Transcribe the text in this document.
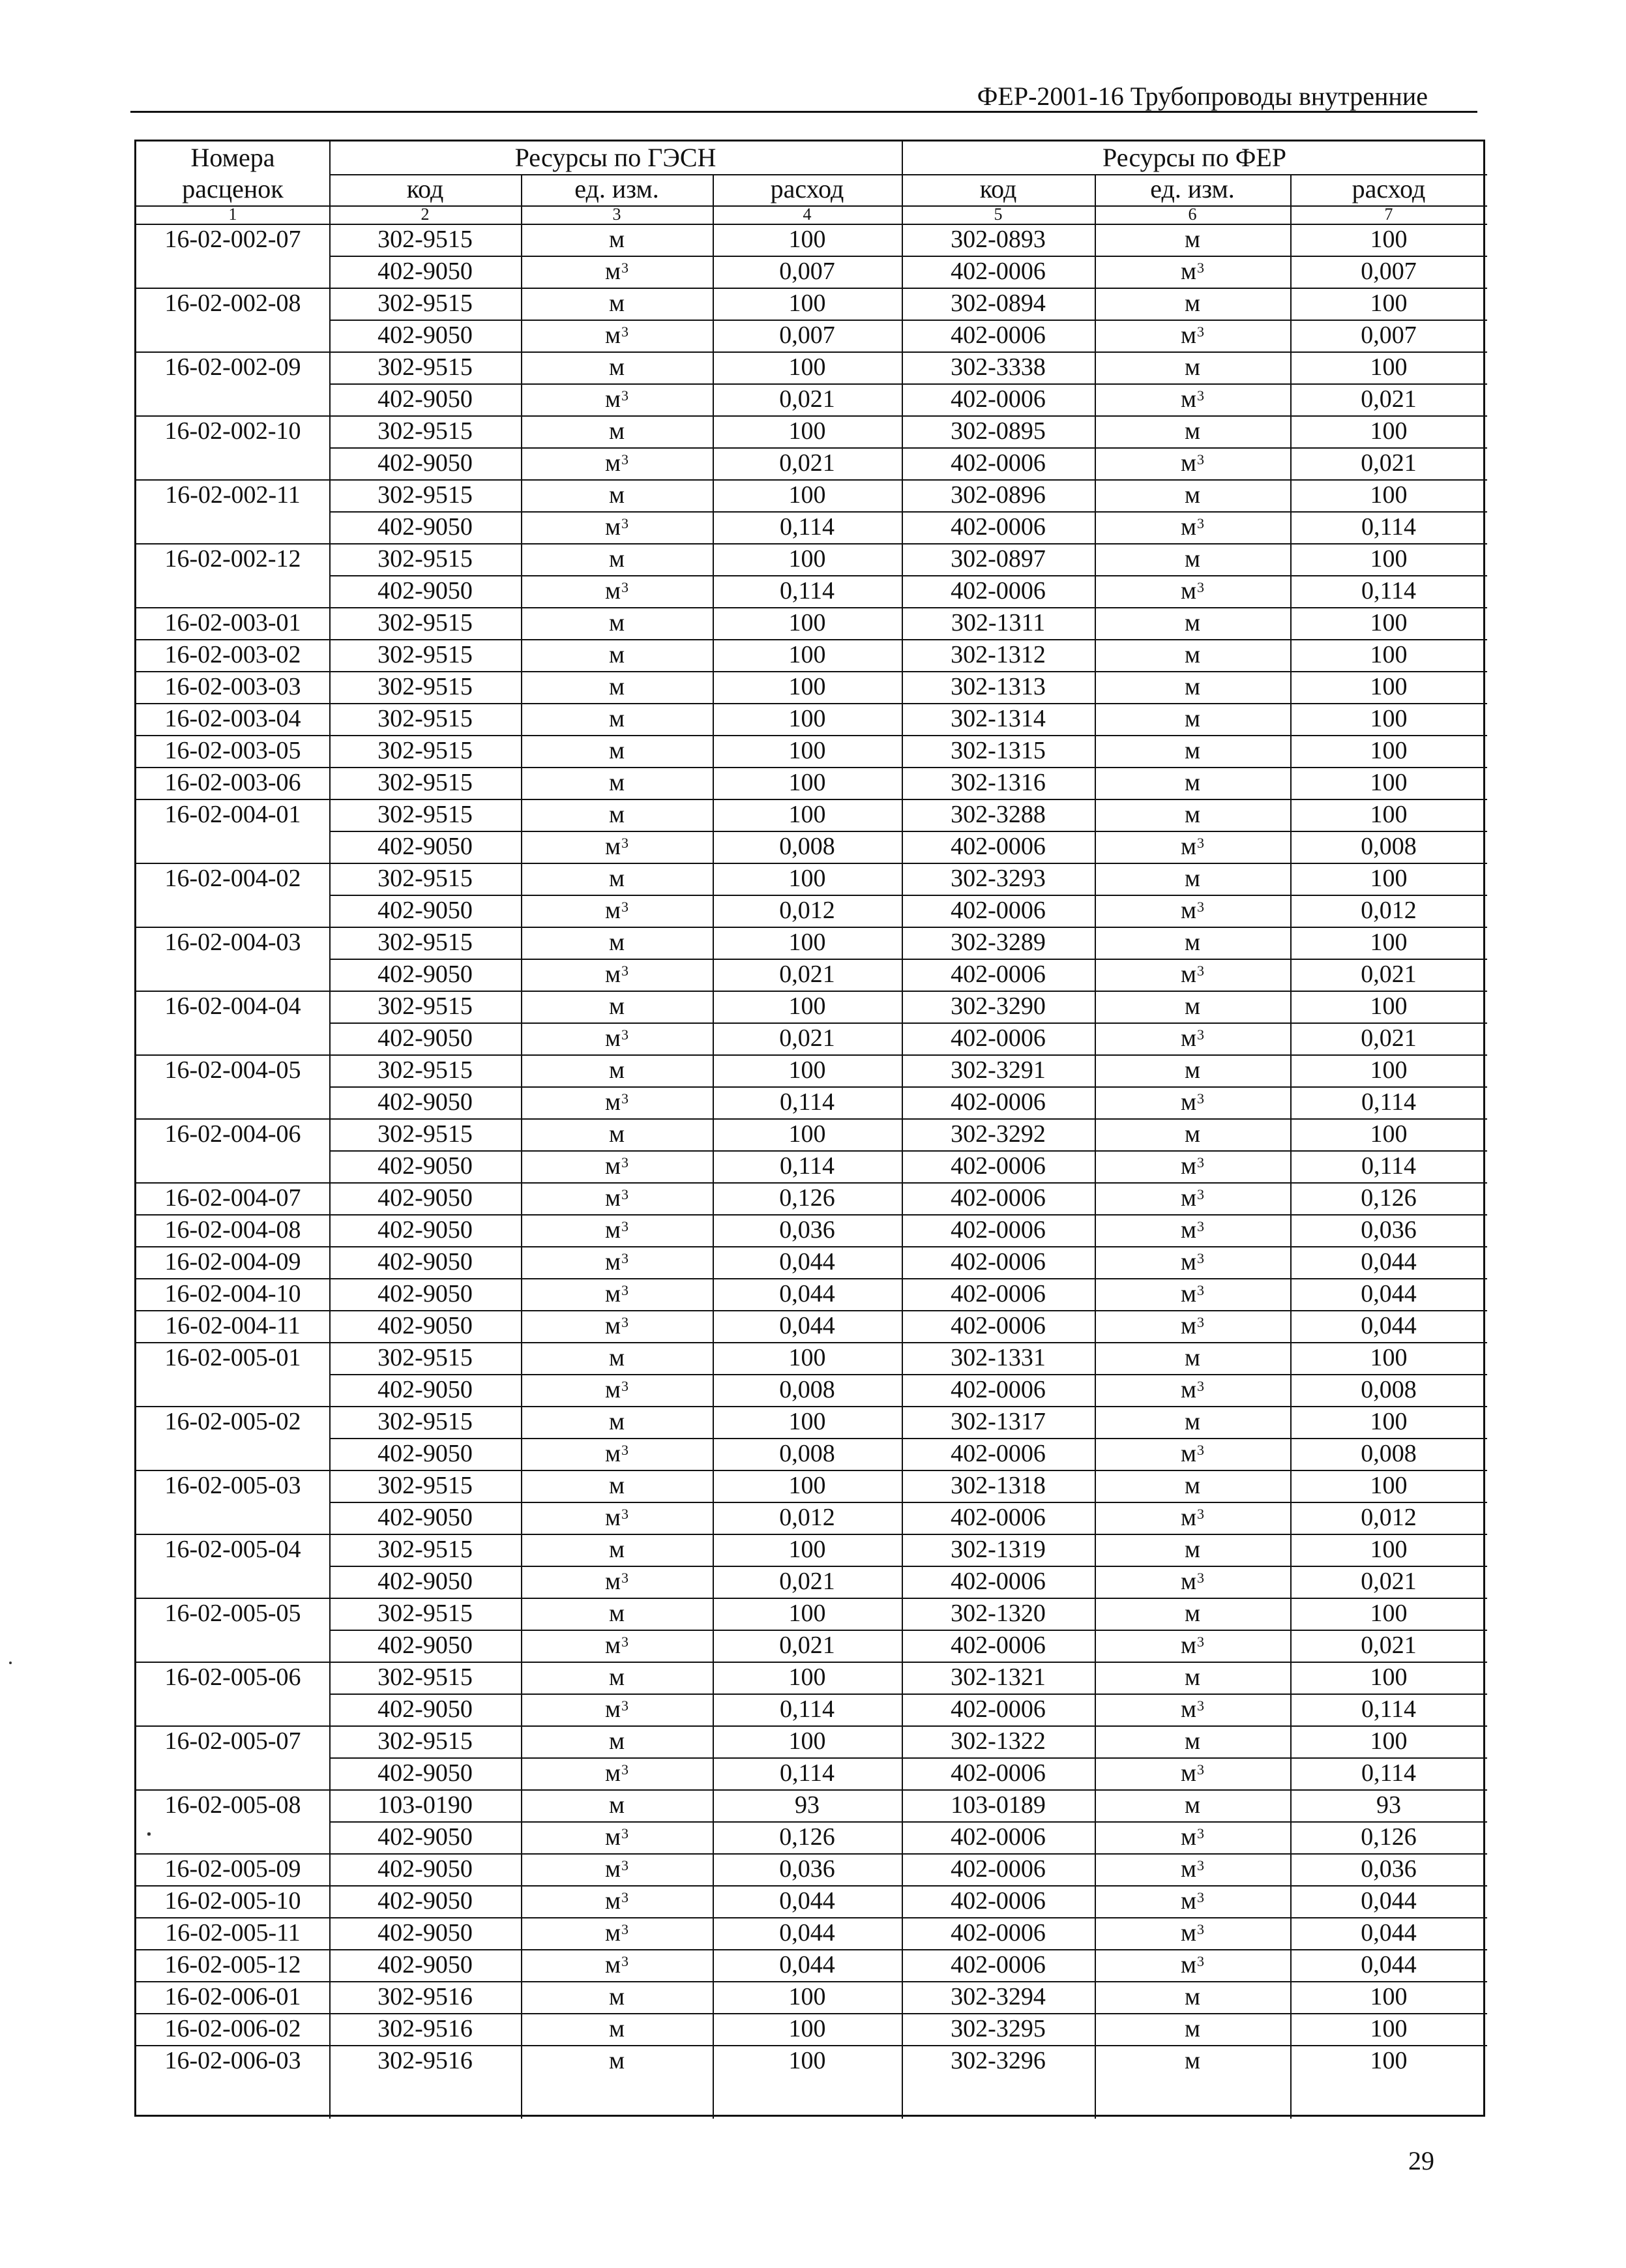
ФЕР-2001-16 Трубопроводы внутренние
Номера
расценок
Ресурсы по ГЭСН	Ресурсы по ФЕР
код	ед. изм.	расход	код	ед. изм.	расход
1	2	3	4	5	6	7
16-02-002-07	302-9515	м	100	302-0893	м	100
402-9050	$м^3$	0,007	402-0006	$м^3$	0,007
16-02-002-08	302-9515	м	100	302-0894	м	100
402-9050	$м^3$	0,007	402-0006	$м^3$	0,007
16-02-002-09	302-9515	м	100	302-3338	м	100
402-9050	$м^3$	0,021	402-0006	$м^3$	0,021
16-02-002-10	302-9515	м	100	302-0895	м	100
402-9050	$м^3$	0,021	402-0006	$м^3$	0,021
16-02-002-11	302-9515	м	100	302-0896	м	100
402-9050	$м^3$	0,114	402-0006	$м^3$	0,114
16-02-002-12	302-9515	м	100	302-0897	м	100
402-9050	$м^3$	0,114	402-0006	$м^3$	0,114
16-02-003-01	302-9515	м	100	302-1311	м	100
16-02-003-02	302-9515	м	100	302-1312	м	100
16-02-003-03	302-9515	м	100	302-1313	м	100
16-02-003-04	302-9515	м	100	302-1314	м	100
16-02-003-05	302-9515	м	100	302-1315	м	100
16-02-003-06	302-9515	м	100	302-1316	м	100
16-02-004-01	302-9515	м	100	302-3288	м	100
402-9050	$м^3$	0,008	402-0006	$м^3$	0,008
16-02-004-02	302-9515	м	100	302-3293	м	100
402-9050	$м^3$	0,012	402-0006	$м^3$	0,012
16-02-004-03	302-9515	м	100	302-3289	м	100
402-9050	$м^3$	0,021	402-0006	$м^3$	0,021
16-02-004-04	302-9515	м	100	302-3290	м	100
402-9050	$м^3$	0,021	402-0006	$м^3$	0,021
16-02-004-05	302-9515	м	100	302-3291	м	100
402-9050	$м^3$	0,114	402-0006	$м^3$	0,114
16-02-004-06	302-9515	м	100	302-3292	м	100
402-9050	$м^3$	0,114	402-0006	$м^3$	0,114
16-02-004-07	402-9050	$м^3$	0,126	402-0006	$м^3$	0,126
16-02-004-08	402-9050	$м^3$	0,036	402-0006	$м^3$	0,036
16-02-004-09	402-9050	$м^3$	0,044	402-0006	$м^3$	0,044
16-02-004-10	402-9050	$м^3$	0,044	402-0006	$м^3$	0,044
16-02-004-11	402-9050	$м^3$	0,044	402-0006	$м^3$	0,044
16-02-005-01	302-9515	м	100	302-1331	м	100
402-9050	$м^3$	0,008	402-0006	$м^3$	0,008
16-02-005-02	302-9515	м	100	302-1317	м	100
402-9050	$м^3$	0,008	402-0006	$м^3$	0,008
16-02-005-03	302-9515	м	100	302-1318	м	100
402-9050	$м^3$	0,012	402-0006	$м^3$	0,012
16-02-005-04	302-9515	м	100	302-1319	м	100
402-9050	$м^3$	0,021	402-0006	$м^3$	0,021
16-02-005-05	302-9515	м	100	302-1320	м	100
402-9050	$м^3$	0,021	402-0006	$м^3$	0,021
16-02-005-06	302-9515	м	100	302-1321	м	100
402-9050	$м^3$	0,114	402-0006	$м^3$	0,114
16-02-005-07	302-9515	м	100	302-1322	м	100
402-9050	$м^3$	0,114	402-0006	$м^3$	0,114
16-02-005-08	103-0190	м	93	103-0189	м	93
402-9050	$м^3$	0,126	402-0006	$м^3$	0,126
16-02-005-09	402-9050	$м^3$	0,036	402-0006	$м^3$	0,036
16-02-005-10	402-9050	$м^3$	0,044	402-0006	$м^3$	0,044
16-02-005-11	402-9050	$м^3$	0,044	402-0006	$м^3$	0,044
16-02-005-12	402-9050	$м^3$	0,044	402-0006	$м^3$	0,044
16-02-006-01	302-9516	м	100	302-3294	м	100
16-02-006-02	302-9516	м	100	302-3295	м	100
16-02-006-03	302-9516	м	100	302-3296	м	100
29
